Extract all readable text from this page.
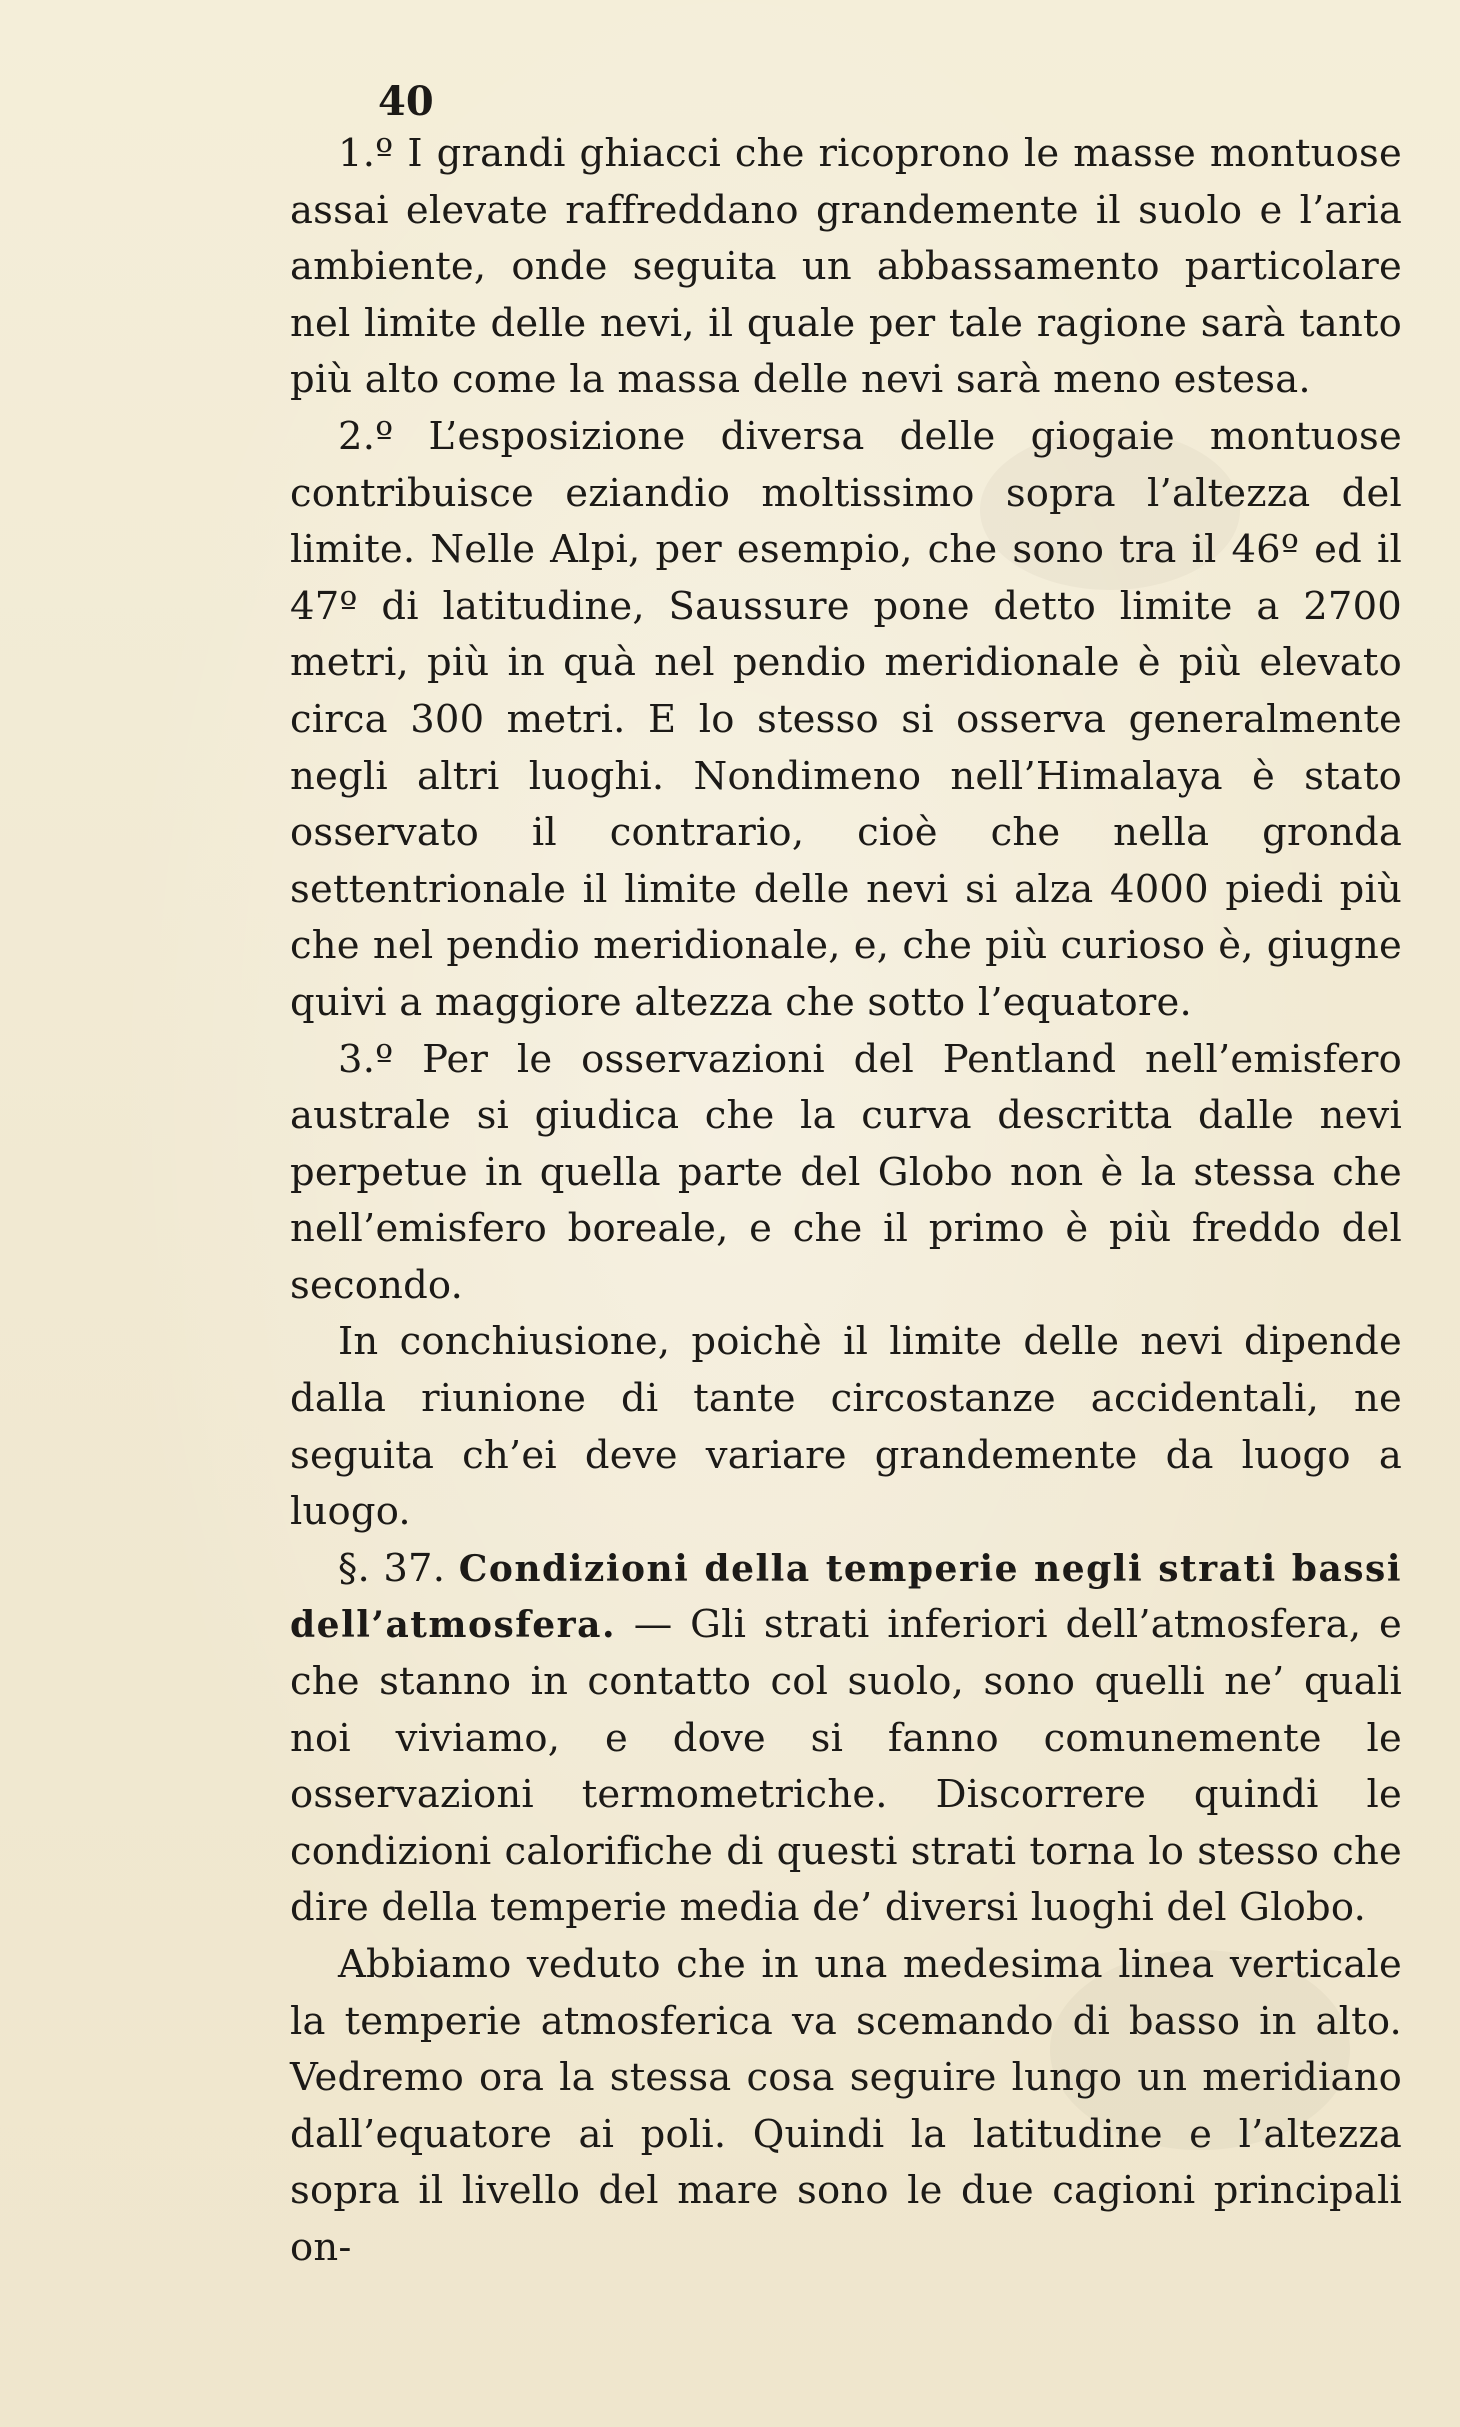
40

1.º I grandi ghiacci che ricoprono le masse montuose assai elevate raffreddano grandemente il suolo e l’aria ambiente, onde seguita un abbassamento particolare nel limite delle nevi, il quale per tale ragione sarà tanto più alto come la massa delle nevi sarà meno estesa.

2.º L’esposizione diversa delle giogaie montuose contribuisce eziandio moltissimo sopra l’altezza del limite. Nelle Alpi, per esempio, che sono tra il 46º ed il 47º di latitudine, Saussure pone detto limite a 2700 metri, più in quà nel pendio meridionale è più elevato circa 300 metri. E lo stesso si osserva generalmente negli altri luoghi. Nondimeno nell’Himalaya è stato osservato il contrario, cioè che nella gronda settentrionale il limite delle nevi si alza 4000 piedi più che nel pendio meridionale, e, che più curioso è, giugne quivi a maggiore altezza che sotto l’equatore.

3.º Per le osservazioni del Pentland nell’emisfero australe si giudica che la curva descritta dalle nevi perpetue in quella parte del Globo non è la stessa che nell’emisfero boreale, e che il primo è più freddo del secondo.

In conchiusione, poichè il limite delle nevi dipende dalla riunione di tante circostanze accidentali, ne seguita ch’ei deve variare grandemente da luogo a luogo.

§. 37. Condizioni della temperie negli strati bassi dell’atmosfera. — Gli strati inferiori dell’atmosfera, e che stanno in contatto col suolo, sono quelli ne’ quali noi viviamo, e dove si fanno comunemente le osservazioni termometriche. Discorrere quindi le condizioni calorifiche di questi strati torna lo stesso che dire della temperie media de’ diversi luoghi del Globo.

Abbiamo veduto che in una medesima linea verticale la temperie atmosferica va scemando di basso in alto. Vedremo ora la stessa cosa seguire lungo un meridiano dall’equatore ai poli. Quindi la latitudine e l’altezza sopra il livello del mare sono le due cagioni principali on-
